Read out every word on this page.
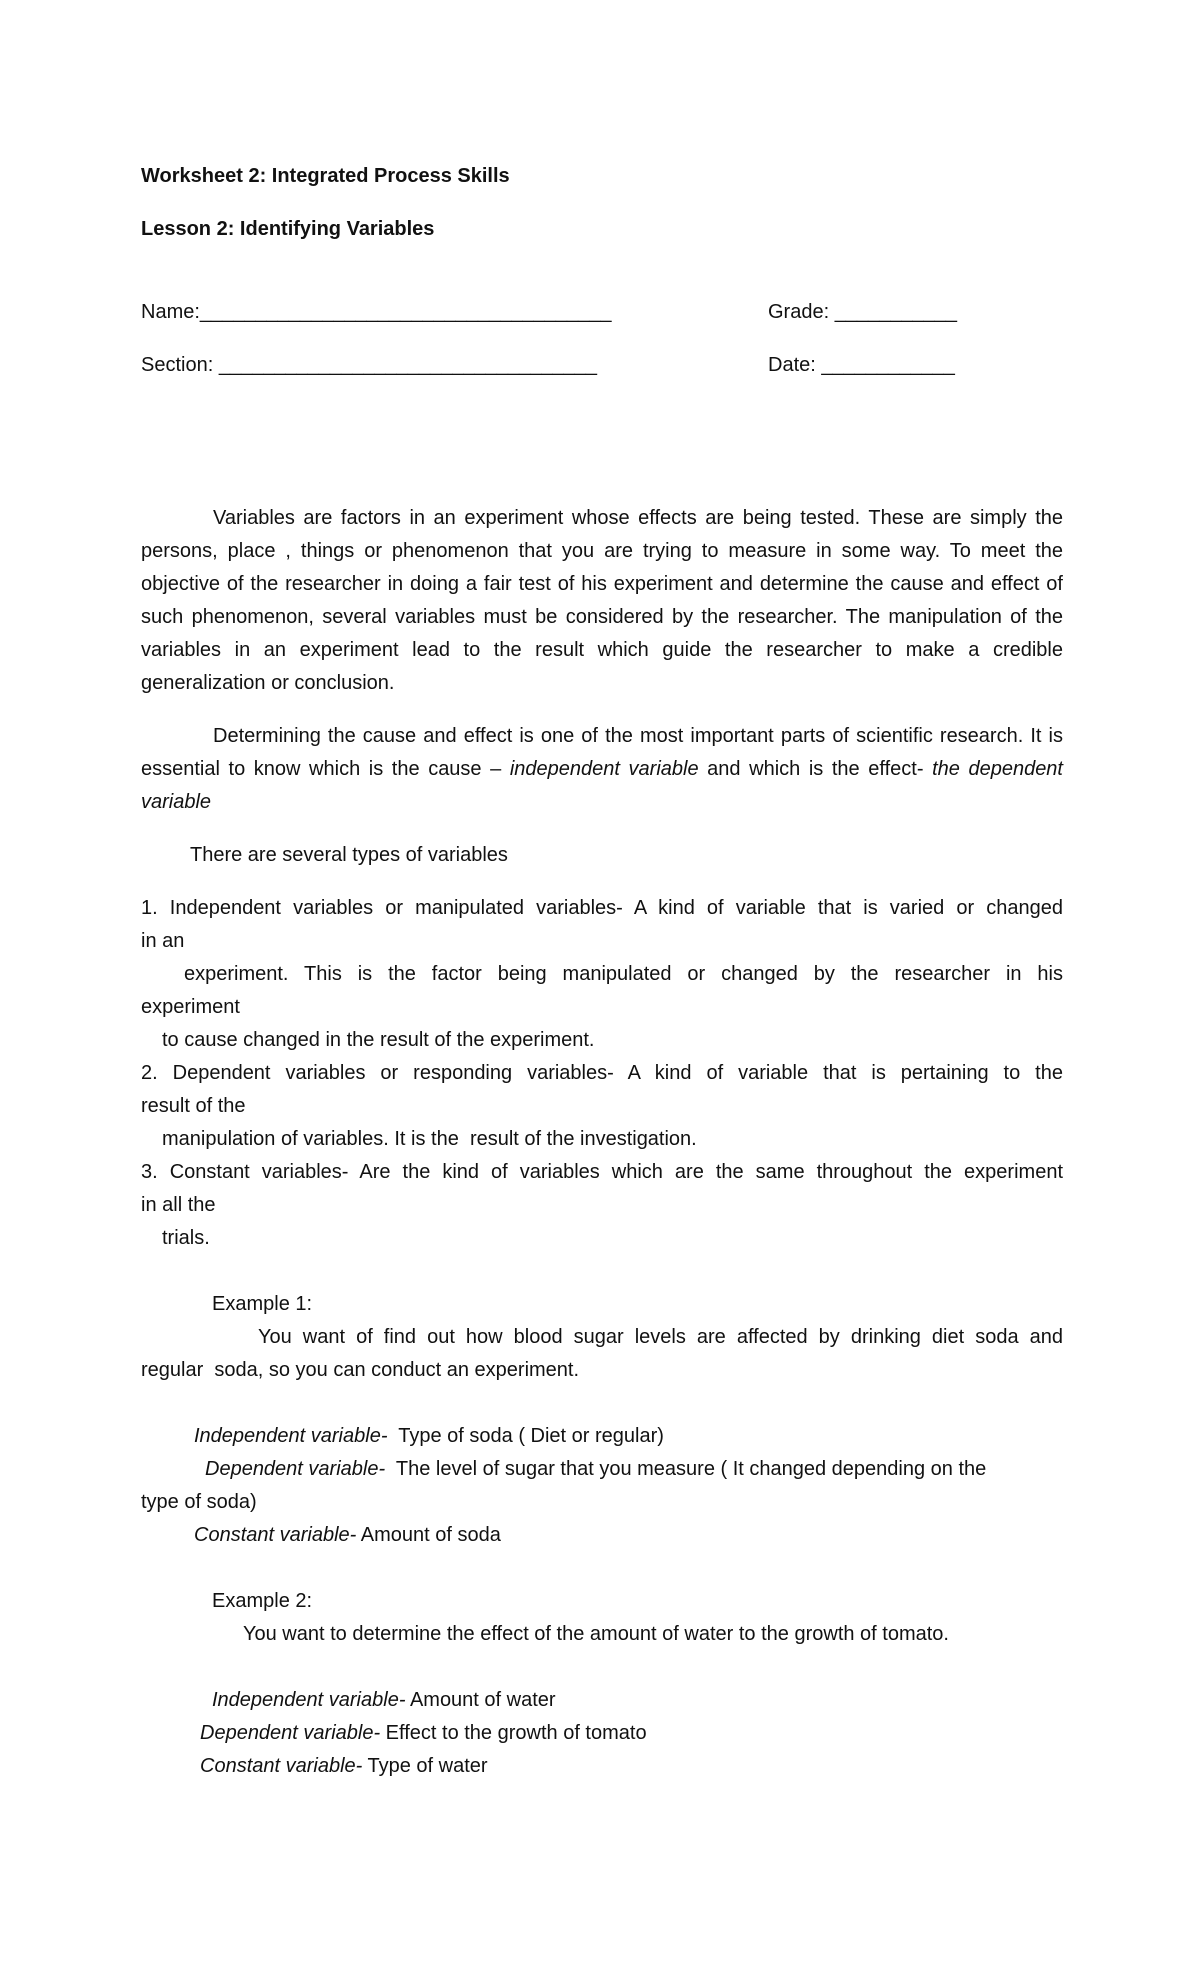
Worksheet 2: Integrated Process Skills
Lesson 2: Identifying Variables
Name:_____________________________________	Grade: ___________
Section: __________________________________	Date: ____________
Variables are factors in an experiment whose effects are being tested. These are simply the persons, place , things or phenomenon that you are trying to measure in some way. To meet the objective of the researcher in doing a fair test of his experiment and determine the cause and effect of such phenomenon, several variables must be considered by the researcher. The manipulation of the variables in an experiment lead to the result which guide the researcher to make a credible generalization or conclusion.
Determining the cause and effect is one of the most important parts of scientific research. It is essential to know which is the cause – independent variable and which is the effect- the dependent variable
There are several types of variables
1. Independent variables or manipulated variables- A kind of variable that is varied or changed
in an
experiment. This is the factor being manipulated or changed by the researcher in his
experiment
to cause changed in the result of the experiment.
2. Dependent variables or responding variables- A kind of variable that is pertaining to the
result of the
manipulation of variables. It is the  result of the investigation.
3. Constant variables- Are the kind of variables which are the same throughout the experiment
in all the
trials.
Example 1:
You want of find out how blood sugar levels are affected by drinking diet soda and
regular  soda, so you can conduct an experiment.
Independent variable-  Type of soda ( Diet or regular)
Dependent variable-  The level of sugar that you measure ( It changed depending on the
type of soda)
Constant variable- Amount of soda
Example 2:
You want to determine the effect of the amount of water to the growth of tomato.
Independent variable- Amount of water
Dependent variable- Effect to the growth of tomato
Constant variable- Type of water
